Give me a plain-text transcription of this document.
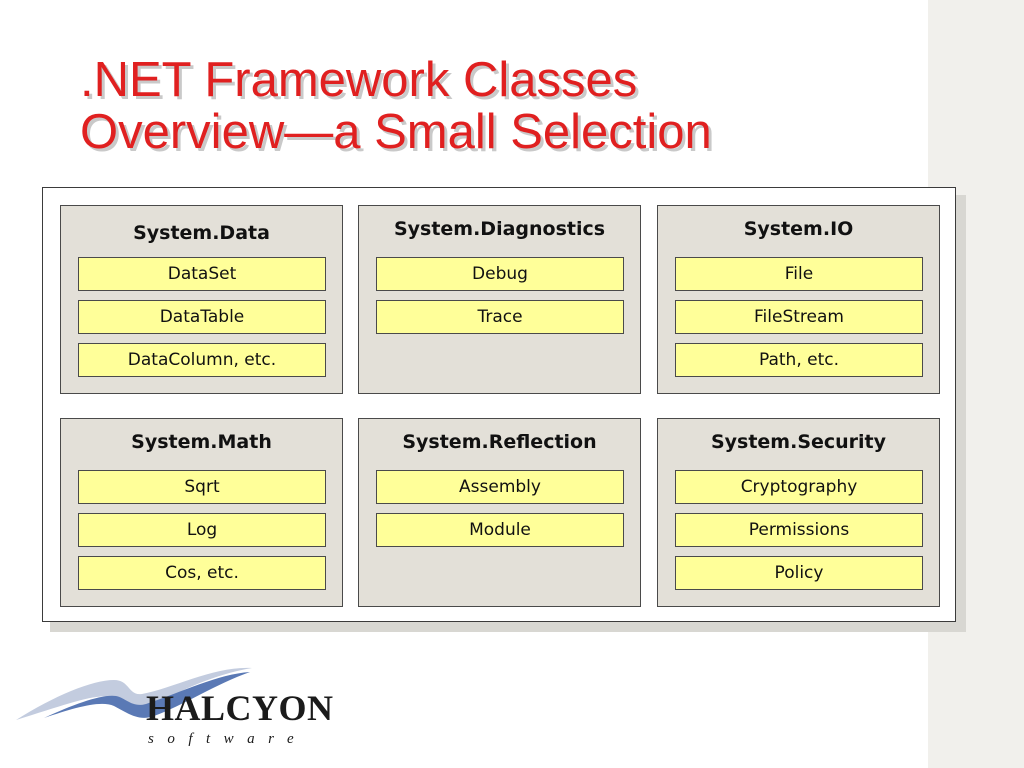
.NET Framework Classes
Overview—a Small Selection
System.Data
DataSet
DataTable
DataColumn, etc.
System.Diagnostics
Debug
Trace
System.IO
File
FileStream
Path, etc.
System.Math
Sqrt
Log
Cos, etc.
System.Reflection
Assembly
Module
System.Security
Cryptography
Permissions
Policy
HALCYON
software
